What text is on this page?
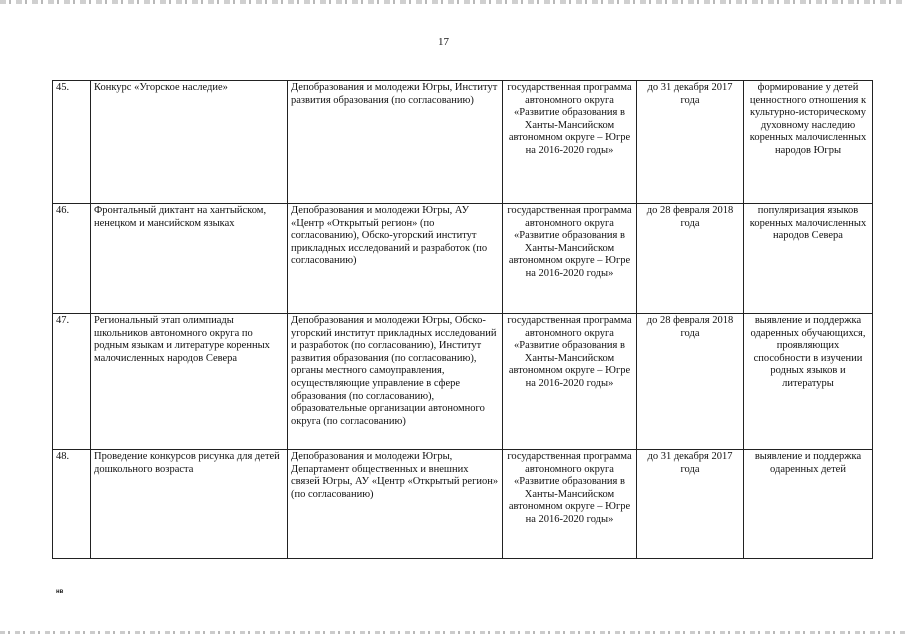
17
45.	Конкурс «Угорское наследие»	Депобразования и молодежи Югры, Институт развития образования (по согласованию)	государственная программа автономного округа «Развитие образования в Ханты-Мансийском автономном округе – Югре на 2016-2020 годы»	до 31 декабря 2017 года	формирование у детей ценностного отношения к культурно-историческому духовному наследию коренных малочисленных народов Югры
46.	Фронтальный диктант на хантыйском, ненецком и мансийском языках	Депобразования и молодежи Югры, АУ «Центр «Открытый регион» (по согласованию), Обско-угорский институт прикладных исследований и разработок (по согласованию)	государственная программа автономного округа «Развитие образования в Ханты-Мансийском автономном округе – Югре на 2016-2020 годы»	до 28 февраля 2018 года	популяризация языков коренных малочисленных народов Севера
47.	Региональный этап олимпиады школьников автономного округа по родным языкам и литературе коренных малочисленных народов Севера	Депобразования и молодежи Югры, Обско-угорский институт прикладных исследований и разработок (по согласованию), Институт развития образования (по согласованию), органы местного самоуправления, осуществляющие управление в сфере образования (по согласованию), образовательные организации автономного округа (по согласованию)	государственная программа автономного округа «Развитие образования в Ханты-Мансийском автономном округе – Югре на 2016-2020 годы»	до 28 февраля 2018 года	выявление и поддержка одаренных обучающихся, проявляющих способности в изучении родных языков и литературы
48.	Проведение конкурсов рисунка для детей дошкольного возраста	Депобразования и молодежи Югры, Департамент общественных и внешних связей Югры, АУ «Центр «Открытый регион» (по согласованию)	государственная программа автономного округа «Развитие образования в Ханты-Мансийском автономном округе – Югре на 2016-2020 годы»	до 31 декабря 2017 года	выявление и поддержка одаренных детей
нв
